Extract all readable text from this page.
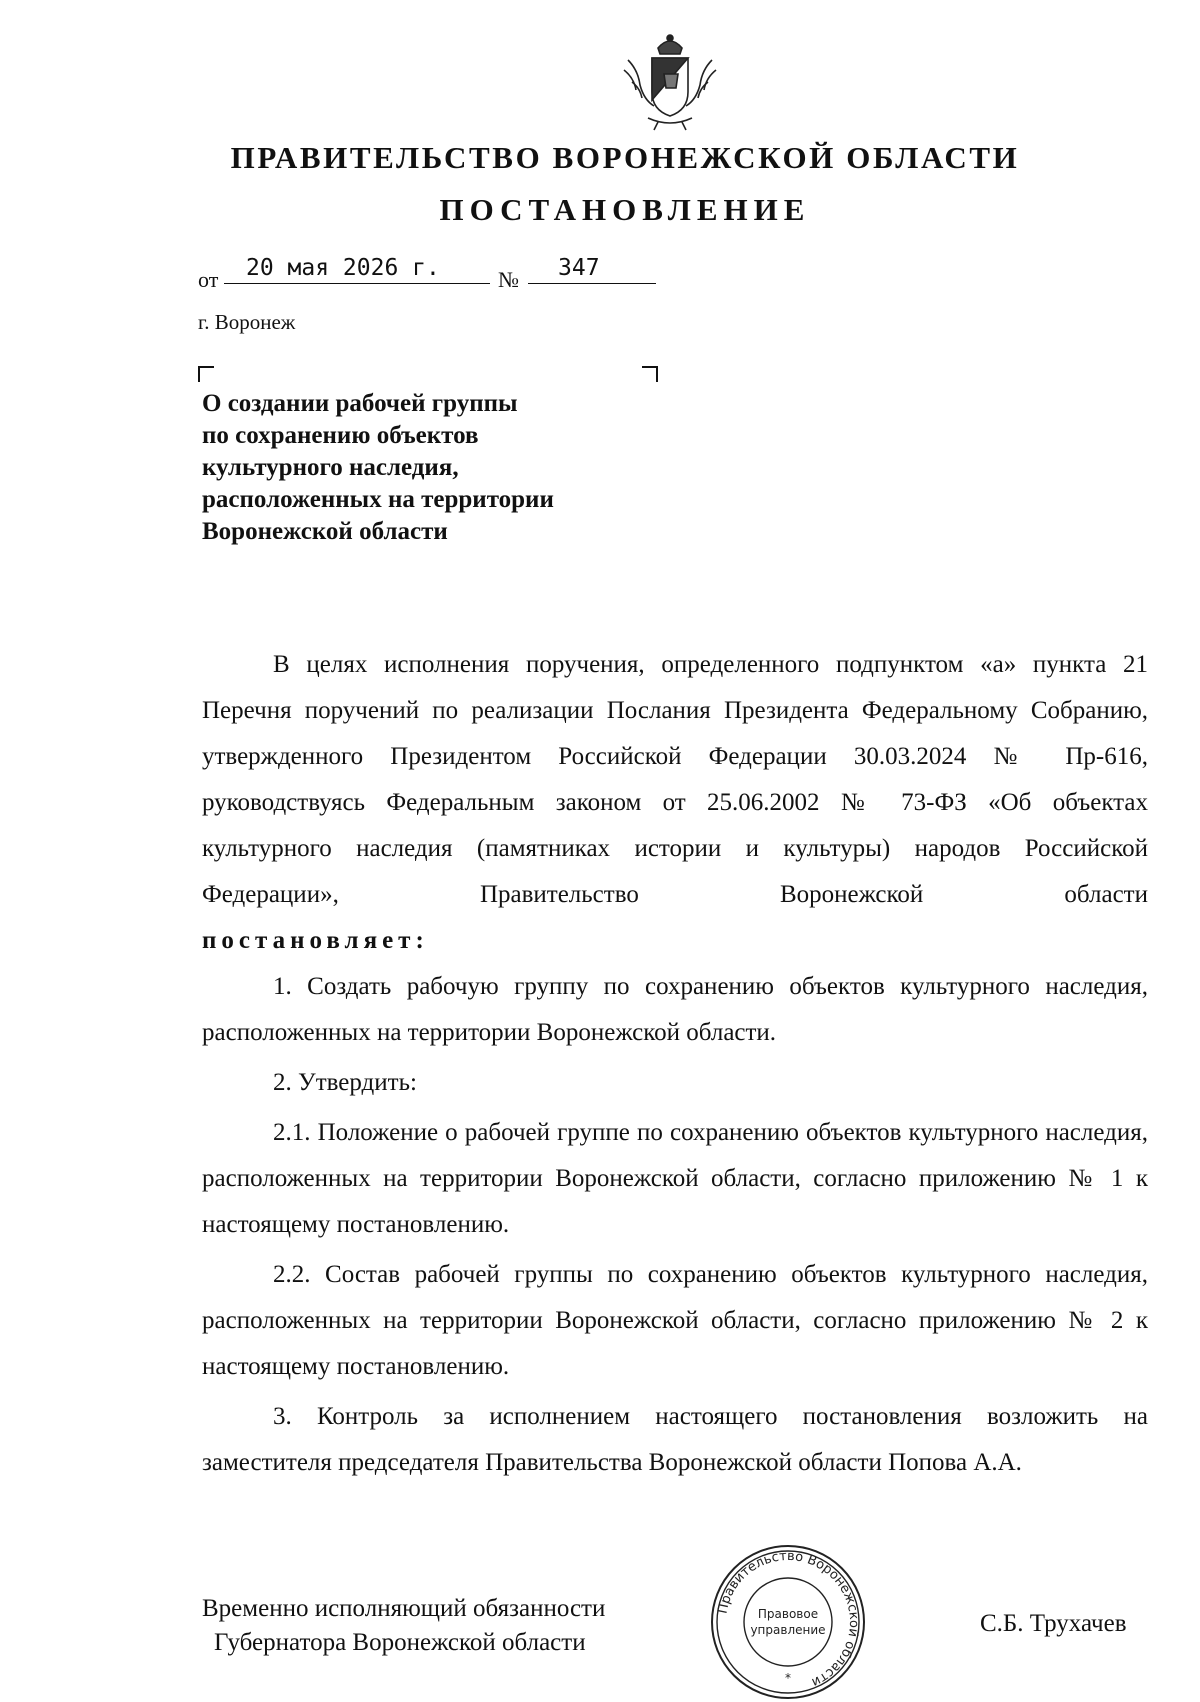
ПРАВИТЕЛЬСТВО ВОРОНЕЖСКОЙ ОБЛАСТИ
ПОСТАНОВЛЕНИЕ
от 20 мая 2026 г.	№ 347
г. Воронеж
О создании рабочей группы
по сохранению объектов
культурного наследия,
расположенных на территории
Воронежской области

В целях исполнения поручения, определенного подпунктом «а» пункта 21 Перечня поручений по реализации Послания Президента Федеральному Собранию, утвержденного Президентом Российской Федерации 30.03.2024 № Пр-616, руководствуясь Федеральным законом от 25.06.2002 № 73-ФЗ «Об объектах культурного наследия (памятниках истории и культуры) народов Российской Федерации», Правительство Воронежской области

постановляет:

1. Создать рабочую группу по сохранению объектов культурного наследия, расположенных на территории Воронежской области.

2. Утвердить:

2.1. Положение о рабочей группе по сохранению объектов культурного наследия, расположенных на территории Воронежской области, согласно приложению № 1 к настоящему постановлению.

2.2. Состав рабочей группы по сохранению объектов культурного наследия, расположенных на территории Воронежской области, согласно приложению № 2 к настоящему постановлению.

3. Контроль за исполнением настоящего постановления возложить на заместителя председателя Правительства Воронежской области Попова А.А.

Временно исполняющий обязанности
Губернатора Воронежской области
Правительство Воронежской области
Правовое
управление
*
С.Б. Трухачев
